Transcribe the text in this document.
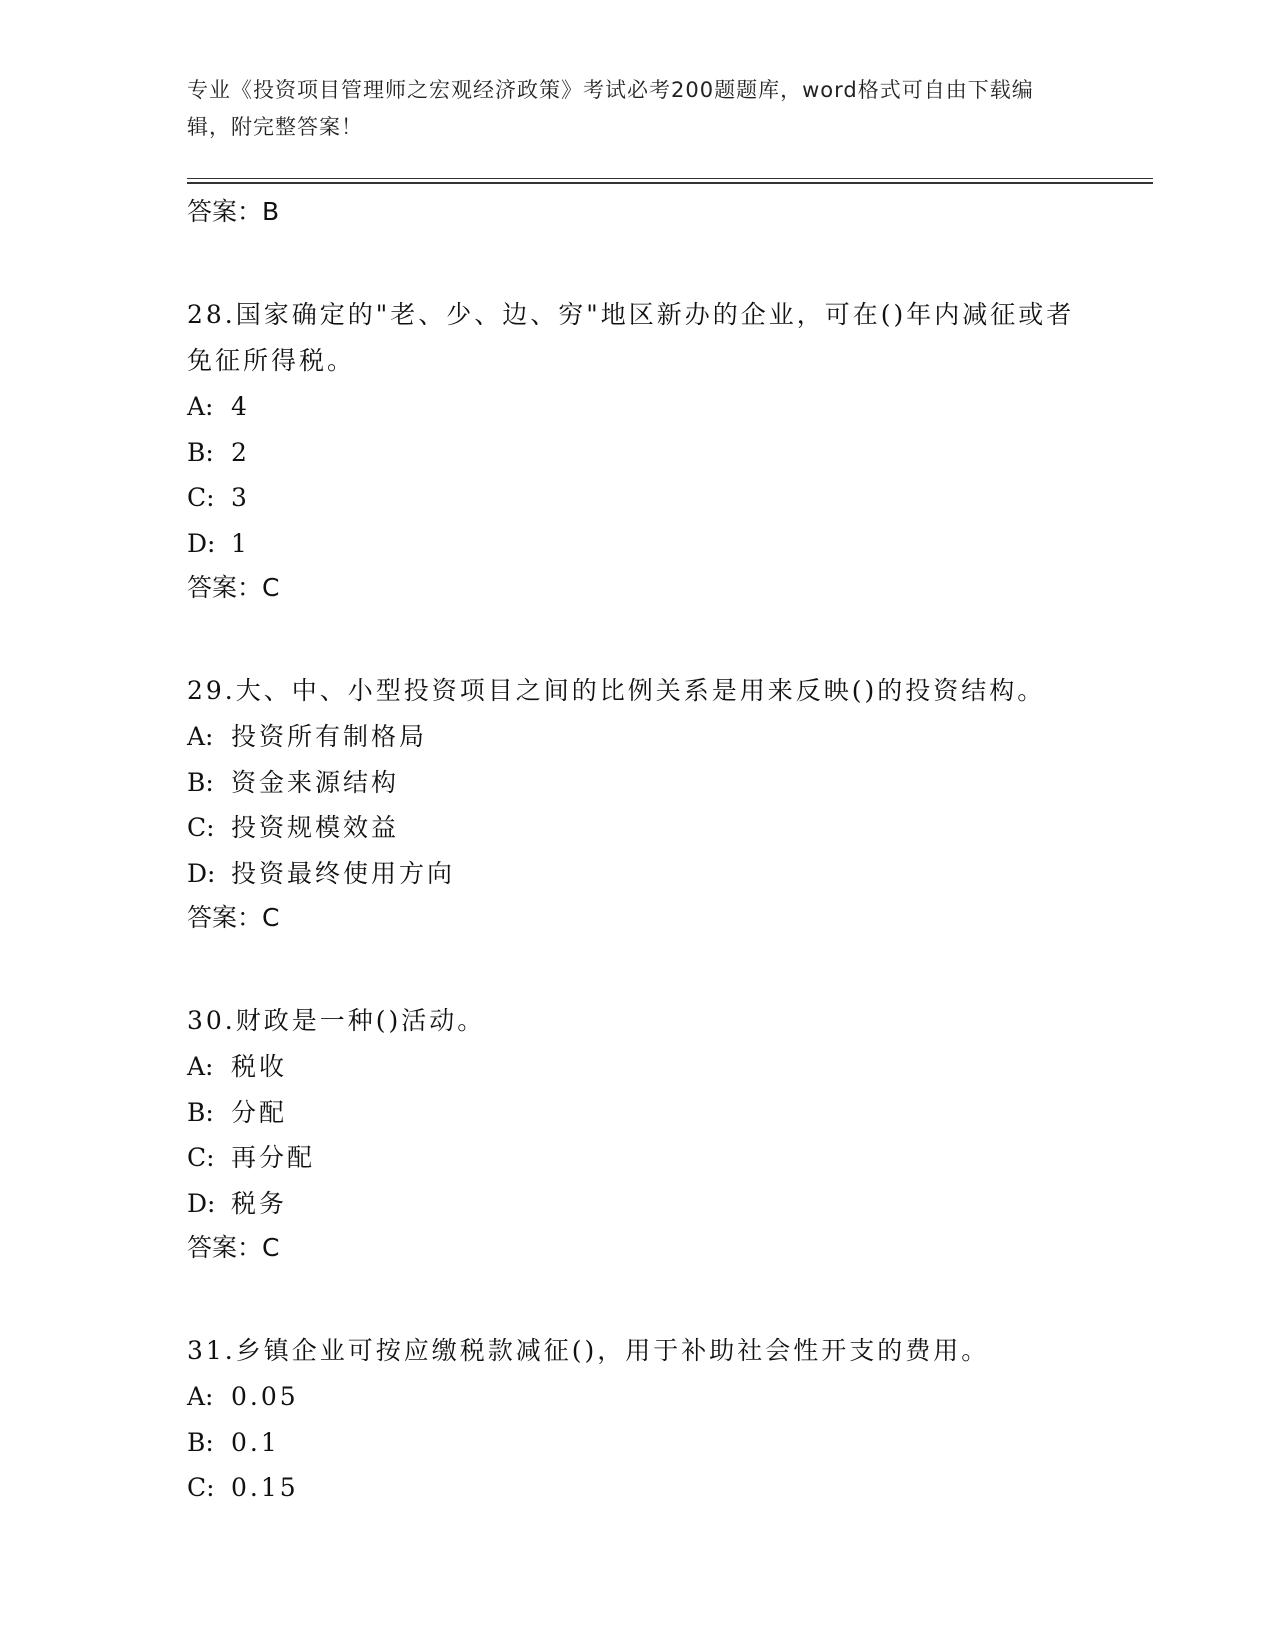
专业《投资项目管理师之宏观经济政策》考试必考200题题库，word格式可自由下载编辑，附完整答案！

答案：B

28.国家确定的"老、少、边、穷"地区新办的企业，可在()年内减征或者免征所得税。

A: 4

B: 2

C: 3

D: 1

答案：C

29.大、中、小型投资项目之间的比例关系是用来反映()的投资结构。

A: 投资所有制格局

B: 资金来源结构

C: 投资规模效益

D: 投资最终使用方向

答案：C

30.财政是一种()活动。

A: 税收

B: 分配

C: 再分配

D: 税务

答案：C

31.乡镇企业可按应缴税款减征()，用于补助社会性开支的费用。

A: 0.05

B: 0.1

C: 0.15
